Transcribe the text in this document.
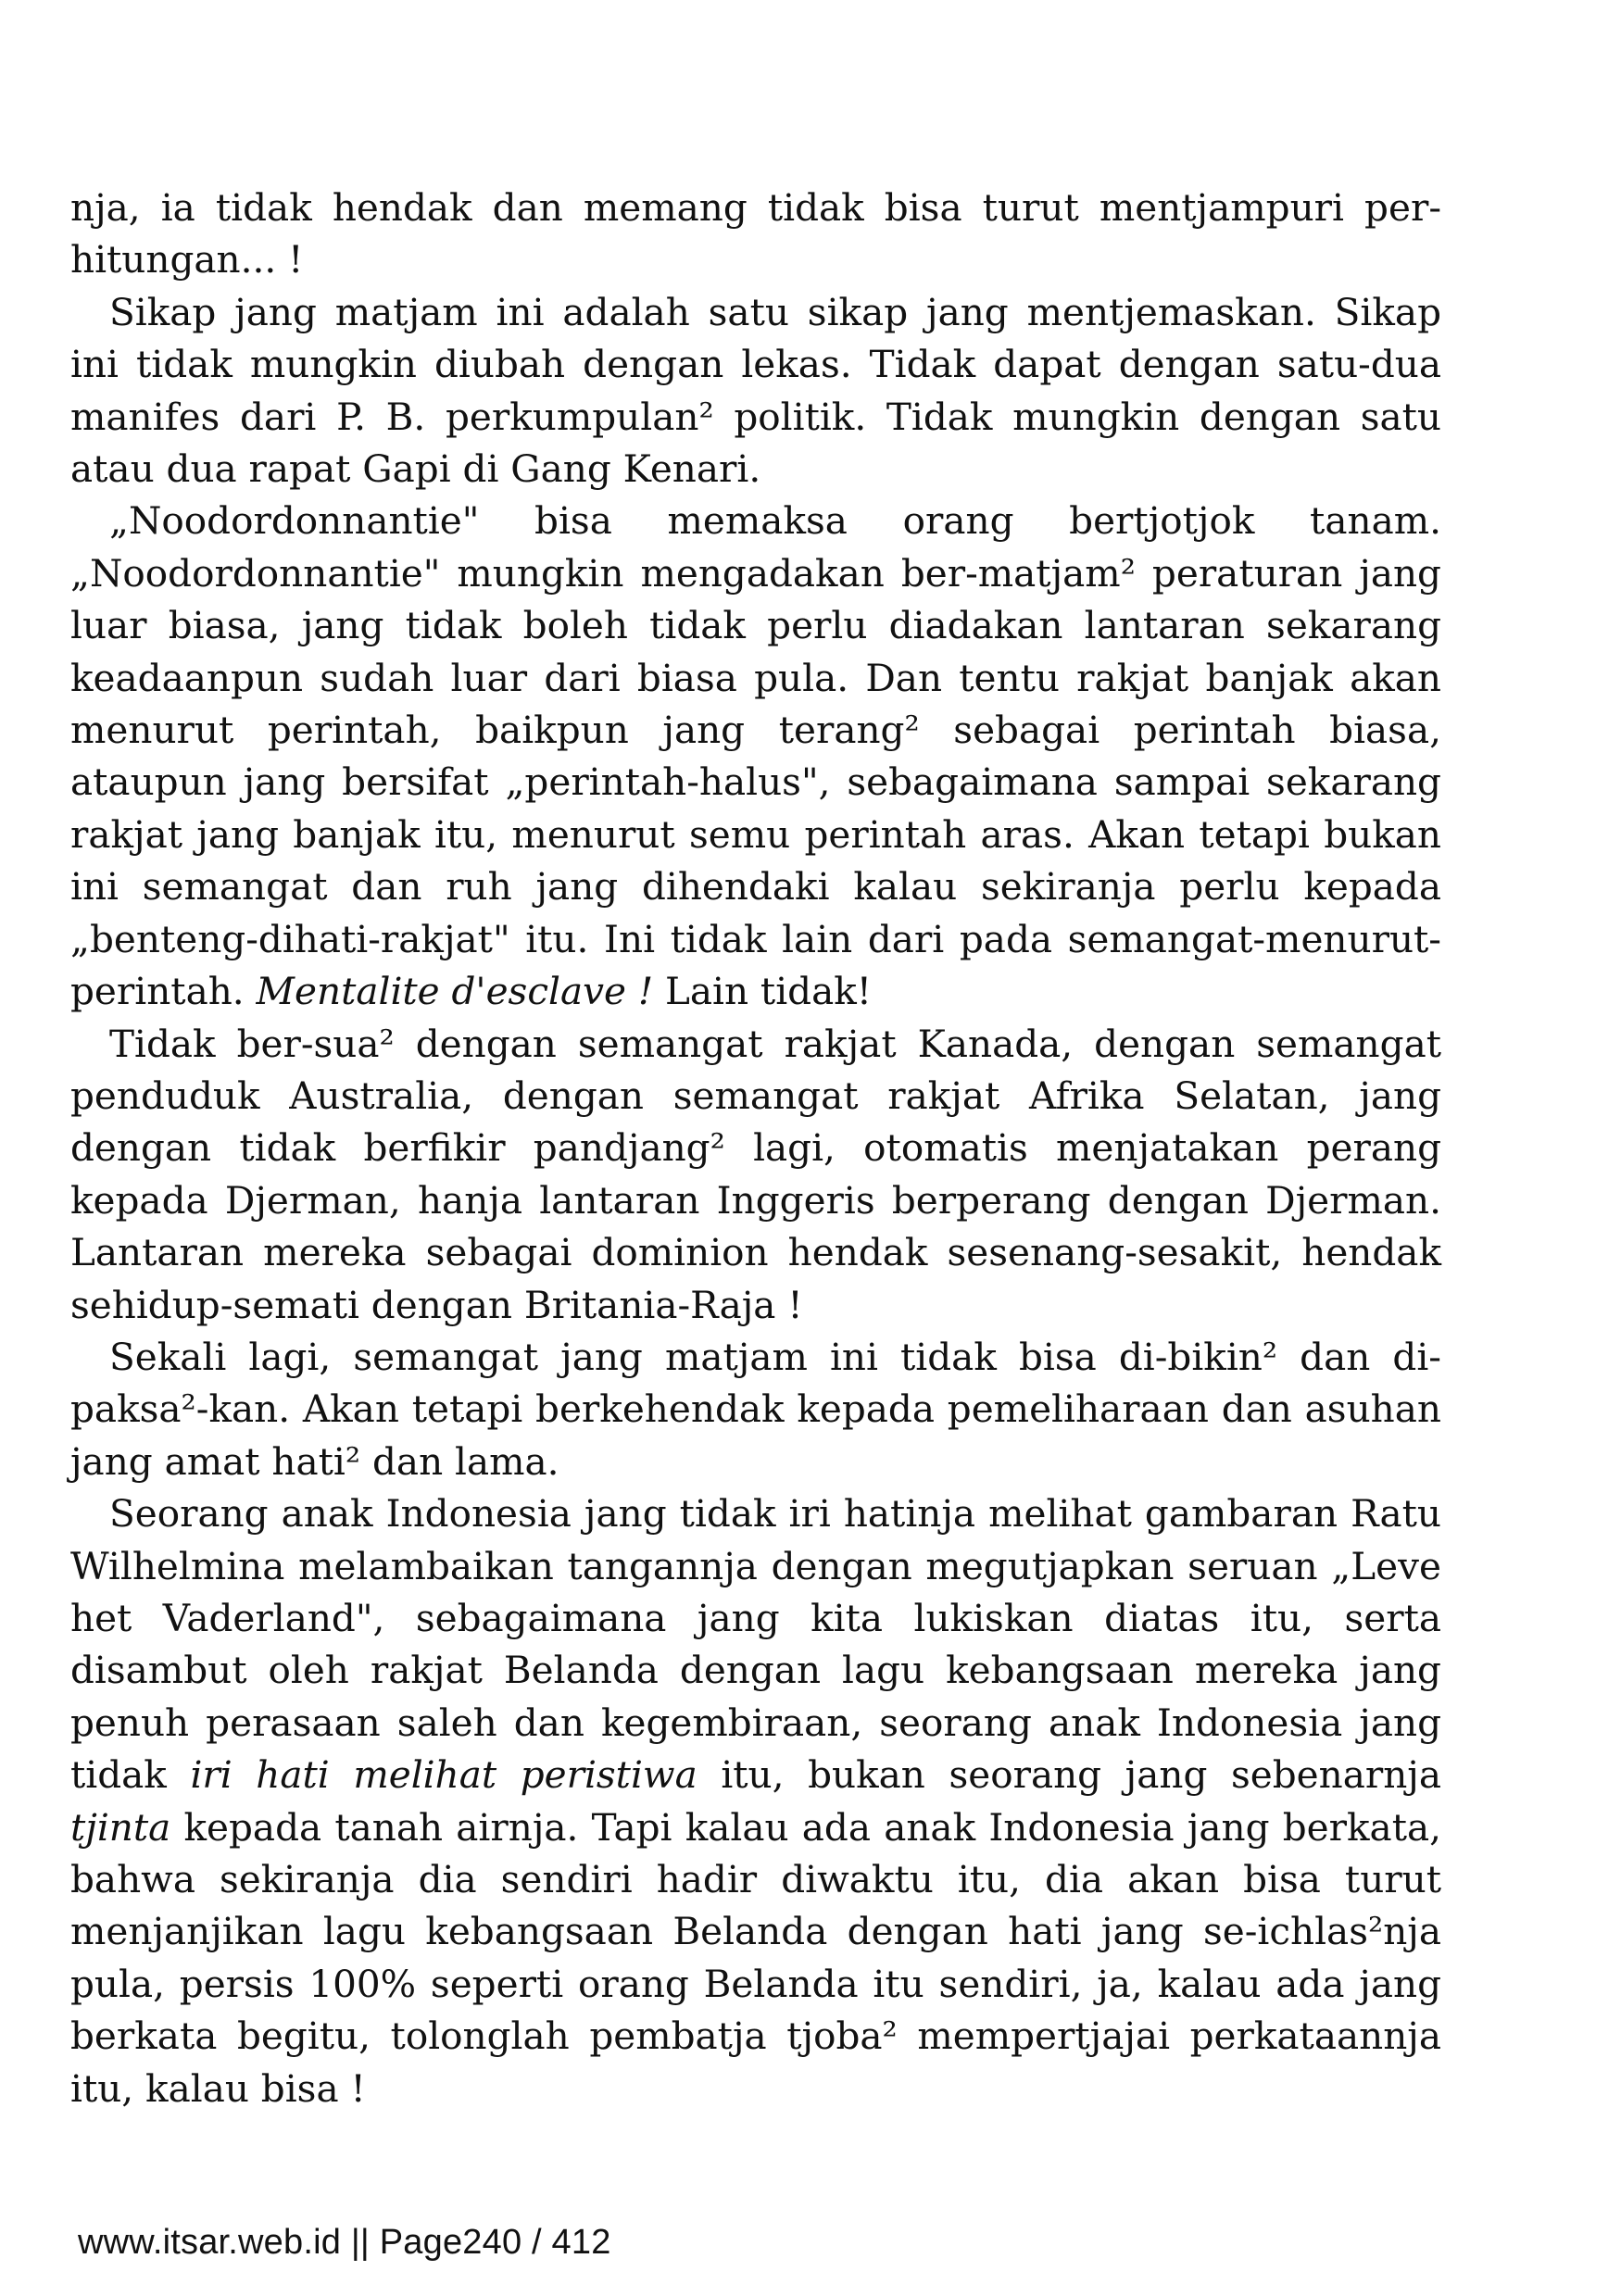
nja, ia tidak hendak dan memang tidak bisa turut mentjampuri perhitungan... !

Sikap jang matjam ini adalah satu sikap jang mentjemaskan. Sikap ini tidak mungkin diubah dengan lekas. Tidak dapat dengan satu-dua manifes dari P. B. perkumpulan² politik. Tidak mungkin dengan satu atau dua rapat Gapi di Gang Kenari.

„Noodordonnantie" bisa memaksa orang bertjotjok tanam. „Noodordonnantie" mungkin mengadakan ber-matjam² peraturan jang luar biasa, jang tidak boleh tidak perlu diadakan lantaran sekarang keadaanpun sudah luar dari biasa pula. Dan tentu rakjat banjak akan menurut perintah, baikpun jang terang² sebagai perintah biasa, ataupun jang bersifat „perintah-halus", sebagaimana sampai sekarang rakjat jang banjak itu, menurut semu perintah aras. Akan tetapi bukan ini semangat dan ruh jang dihendaki kalau sekiranja perlu kepada „benteng-dihati-rakjat" itu. Ini tidak lain dari pada semangat-menurut-perintah. Mentalite d'esclave ! Lain tidak!

Tidak ber-sua² dengan semangat rakjat Kanada, dengan semangat penduduk Australia, dengan semangat rakjat Afrika Selatan, jang dengan tidak berfikir pandjang² lagi, otomatis menjatakan perang kepada Djerman, hanja lantaran Inggeris berperang dengan Djerman. Lantaran mereka sebagai dominion hendak sesenang-sesakit, hendak sehidup-semati dengan Britania-Raja !

Sekali lagi, semangat jang matjam ini tidak bisa di-bikin² dan di-paksa²-kan. Akan tetapi berkehendak kepada pemeliharaan dan asuhan jang amat hati² dan lama.

Seorang anak Indonesia jang tidak iri hatinja melihat gambaran Ratu Wilhelmina melambaikan tangannja dengan megutjapkan seruan „Leve het Vaderland", sebagaimana jang kita lukiskan diatas itu, serta disambut oleh rakjat Belanda dengan lagu kebangsaan mereka jang penuh perasaan saleh dan kegembiraan, seorang anak Indonesia jang tidak iri hati melihat peristiwa itu, bukan seorang jang sebenarnja tjinta kepada tanah airnja. Tapi kalau ada anak Indonesia jang berkata, bahwa sekiranja dia sendiri hadir diwaktu itu, dia akan bisa turut menjanjikan lagu kebangsaan Belanda dengan hati jang se-ichlas²nja pula, persis 100% seperti orang Belanda itu sendiri, ja, kalau ada jang berkata begitu, tolonglah pembatja tjoba² mempertjajai perkataannja itu, kalau bisa !

www.itsar.web.id || Page240 / 412
